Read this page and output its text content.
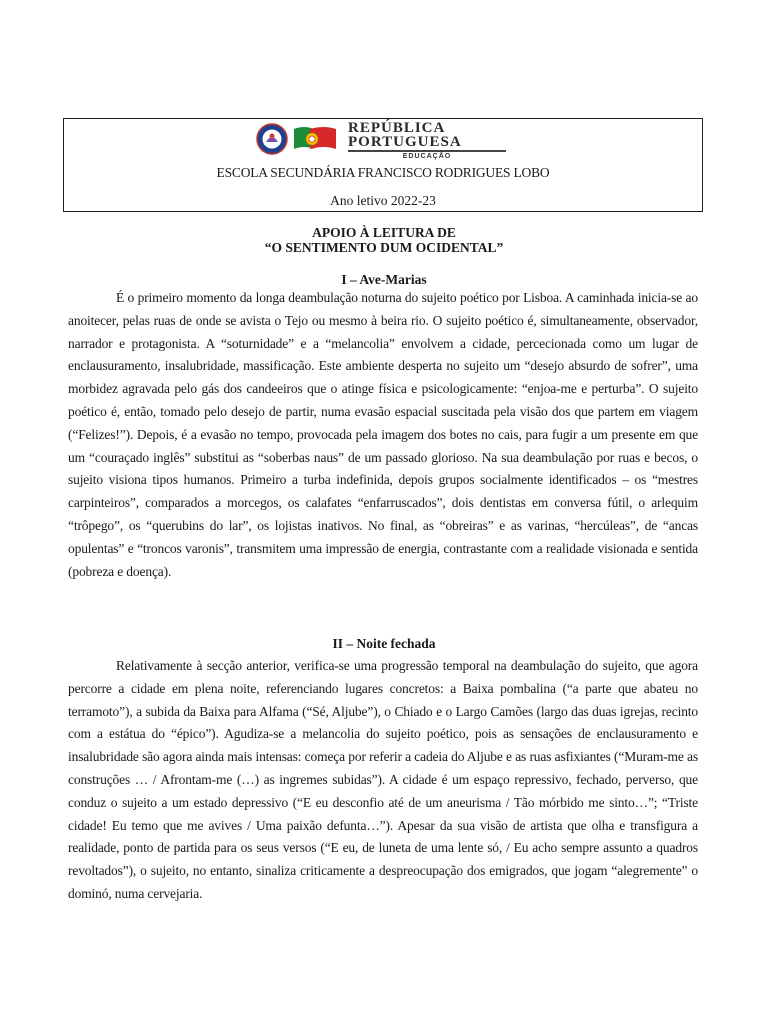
REPÚBLICA
PORTUGUESA
EDUCAÇÃO
ESCOLA SECUNDÁRIA FRANCISCO RODRIGUES LOBO
Ano letivo 2022-23
APOIO À LEITURA DE
“O SENTIMENTO DUM OCIDENTAL”
I – Ave-Marias

É o primeiro momento da longa deambulação noturna do sujeito poético por Lisboa. A caminhada inicia-se ao anoitecer, pelas ruas de onde se avista o Tejo ou mesmo à beira rio. O sujeito poético é, simultaneamente, observador, narrador e protagonista. A “soturnidade” e a “melancolia” envolvem a cidade, percecionada como um lugar de enclausuramento, insalubridade, massificação. Este ambiente desperta no sujeito um “desejo absurdo de sofrer”, uma morbidez agravada pelo gás dos candeeiros que o atinge física e psicologicamente: “enjoa-me e perturba”. O sujeito poético é, então, tomado pelo desejo de partir, numa evasão espacial suscitada pela visão dos que partem em viagem (“Felizes!”). Depois, é a evasão no tempo, provocada pela imagem dos botes no cais, para fugir a um presente em que um “couraçado inglês” substitui as “soberbas naus” de um passado glorioso. Na sua deambulação por ruas e becos, o sujeito visiona tipos humanos. Primeiro a turba indefinida, depois grupos socialmente identificados – os “mestres carpinteiros”, comparados a morcegos, os calafates “enfarruscados”, dois dentistas em conversa fútil, o arlequim “trôpego”, os “querubins do lar”, os lojistas inativos. No final, as “obreiras” e as varinas, “hercúleas”, de “ancas opulentas” e “troncos varonis”, transmitem uma impressão de energia, contrastante com a realidade visionada e sentida (pobreza e doença).

II – Noite fechada

Relativamente à secção anterior, verifica-se uma progressão temporal na deambulação do sujeito, que agora percorre a cidade em plena noite, referenciando lugares concretos: a Baixa pombalina (“a parte que abateu no terramoto”), a subida da Baixa para Alfama (“Sé, Aljube”), o Chiado e o Largo Camões (largo das duas igrejas, recinto com a estátua do “épico”). Agudiza-se a melancolia do sujeito poético, pois as sensações de enclausuramento e insalubridade são agora ainda mais intensas: começa por referir a cadeia do Aljube e as ruas asfixiantes (“Muram-me as construções … / Afrontam-me (…) as ingremes subidas”). A cidade é um espaço repressivo, fechado, perverso, que conduz o sujeito a um estado depressivo (“E eu desconfio até de um aneurisma / Tão mórbido me sinto…”; “Triste cidade! Eu temo que me avives / Uma paixão defunta…”). Apesar da sua visão de artista que olha e transfigura a realidade, ponto de partida para os seus versos (“E eu, de luneta de uma lente só, / Eu acho sempre assunto a quadros revoltados”), o sujeito, no entanto, sinaliza criticamente a despreocupação dos emigrados, que jogam “alegremente” o dominó, numa cervejaria.
